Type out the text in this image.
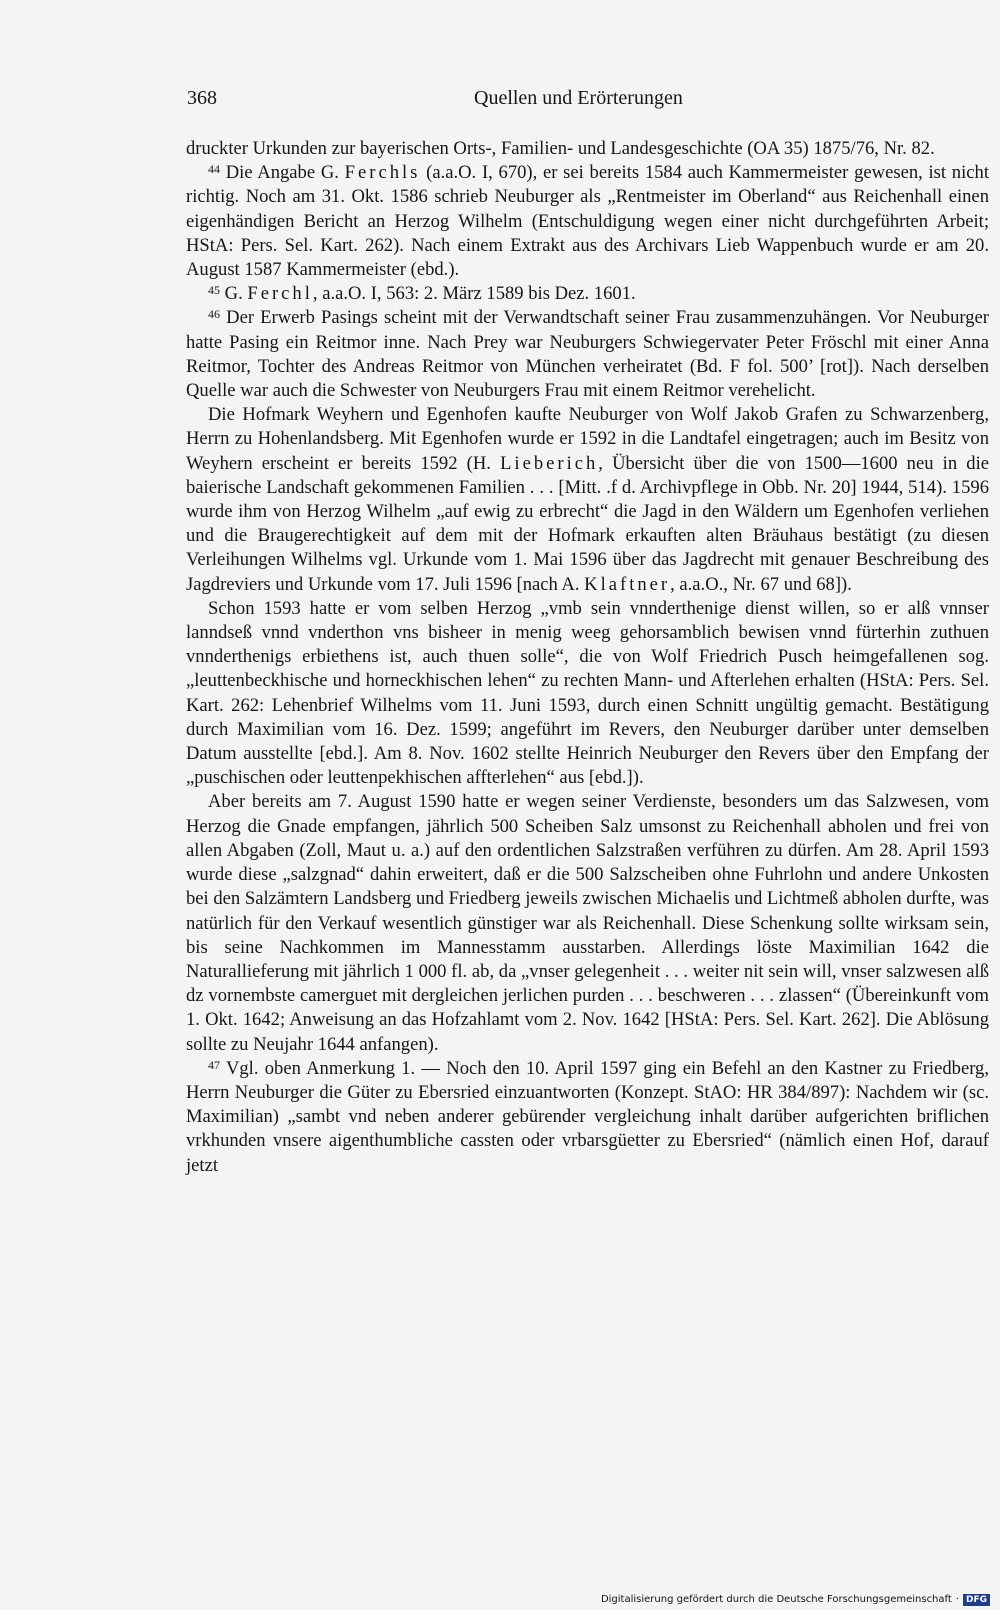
368	Quellen und Erörterungen

druckter Urkunden zur bayerischen Orts-, Familien- und Landesgeschichte (OA 35) 1875/76, Nr. 82.

$^{44}$ Die Angabe G. Ferchls (a.a.O. I, 670), er sei bereits 1584 auch Kammermeister gewesen, ist nicht richtig. Noch am 31. Okt. 1586 schrieb Neuburger als „Rentmeister im Oberland“ aus Reichenhall einen eigenhändigen Bericht an Herzog Wilhelm (Entschuldigung wegen einer nicht durchgeführten Arbeit; HStA: Pers. Sel. Kart. 262). Nach einem Extrakt aus des Archivars Lieb Wappenbuch wurde er am 20. August 1587 Kammermeister (ebd.).

$^{45}$ G. Ferchl, a.a.O. I, 563: 2. März 1589 bis Dez. 1601.

$^{46}$ Der Erwerb Pasings scheint mit der Verwandtschaft seiner Frau zusammenzuhängen. Vor Neuburger hatte Pasing ein Reitmor inne. Nach Prey war Neuburgers Schwiegervater Peter Fröschl mit einer Anna Reitmor, Tochter des Andreas Reitmor von München verheiratet (Bd. F fol. 500’ [rot]). Nach derselben Quelle war auch die Schwester von Neuburgers Frau mit einem Reitmor verehelicht.

Die Hofmark Weyhern und Egenhofen kaufte Neuburger von Wolf Jakob Grafen zu Schwarzenberg, Herrn zu Hohenlandsberg. Mit Egenhofen wurde er 1592 in die Landtafel eingetragen; auch im Besitz von Weyhern erscheint er bereits 1592 (H. Lieberich, Übersicht über die von 1500—1600 neu in die baierische Landschaft gekommenen Familien . . . [Mitt. .f d. Archivpflege in Obb. Nr. 20] 1944, 514). 1596 wurde ihm von Herzog Wilhelm „auf ewig zu erbrecht“ die Jagd in den Wäldern um Egenhofen verliehen und die Braugerechtigkeit auf dem mit der Hofmark erkauften alten Bräuhaus bestätigt (zu diesen Verleihungen Wilhelms vgl. Urkunde vom 1. Mai 1596 über das Jagdrecht mit genauer Beschreibung des Jagdreviers und Urkunde vom 17. Juli 1596 [nach A. Klaftner, a.a.O., Nr. 67 und 68]).

Schon 1593 hatte er vom selben Herzog „vmb sein vnnderthenige dienst willen, so er alß vnnser lanndseß vnnd vnderthon vns bisheer in menig weeg gehorsamblich bewisen vnnd fürterhin zuthuen vnnderthenigs erbiethens ist, auch thuen solle“, die von Wolf Friedrich Pusch heimgefallenen sog. „leuttenbeckhische und horneckhischen lehen“ zu rechten Mann- und Afterlehen erhalten (HStA: Pers. Sel. Kart. 262: Lehenbrief Wilhelms vom 11. Juni 1593, durch einen Schnitt ungültig gemacht. Bestätigung durch Maximilian vom 16. Dez. 1599; angeführt im Revers, den Neuburger darüber unter demselben Datum ausstellte [ebd.]. Am 8. Nov. 1602 stellte Heinrich Neuburger den Revers über den Empfang der „puschischen oder leuttenpekhischen affterlehen“ aus [ebd.]).

Aber bereits am 7. August 1590 hatte er wegen seiner Verdienste, besonders um das Salzwesen, vom Herzog die Gnade empfangen, jährlich 500 Scheiben Salz umsonst zu Reichenhall abholen und frei von allen Abgaben (Zoll, Maut u. a.) auf den ordentlichen Salzstraßen verführen zu dürfen. Am 28. April 1593 wurde diese „salzgnad“ dahin erweitert, daß er die 500 Salzscheiben ohne Fuhrlohn und andere Unkosten bei den Salzämtern Landsberg und Friedberg jeweils zwischen Michaelis und Lichtmeß abholen durfte, was natürlich für den Verkauf wesentlich günstiger war als Reichenhall. Diese Schenkung sollte wirksam sein, bis seine Nachkommen im Mannesstamm ausstarben. Allerdings löste Maximilian 1642 die Naturallieferung mit jährlich 1 000 fl. ab, da „vnser gelegenheit . . . weiter nit sein will, vnser salzwesen alß dz vornembste camerguet mit dergleichen jerlichen purden . . . beschweren . . . zlassen“ (Übereinkunft vom 1. Okt. 1642; Anweisung an das Hofzahlamt vom 2. Nov. 1642 [HStA: Pers. Sel. Kart. 262]. Die Ablösung sollte zu Neujahr 1644 anfangen).

$^{47}$ Vgl. oben Anmerkung 1. — Noch den 10. April 1597 ging ein Befehl an den Kastner zu Friedberg, Herrn Neuburger die Güter zu Ebersried einzuantworten (Konzept. StAO: HR 384/897): Nachdem wir (sc. Maximilian) „sambt vnd neben anderer gebürender vergleichung inhalt darüber aufgerichten briflichen vrkhunden vnsere aigenthumbliche cassten oder vrbarsgüetter zu Ebersried“ (nämlich einen Hof, darauf jetzt

Digitalisierung gefördert durch die Deutsche Forschungsgemeinschaft · DFG
